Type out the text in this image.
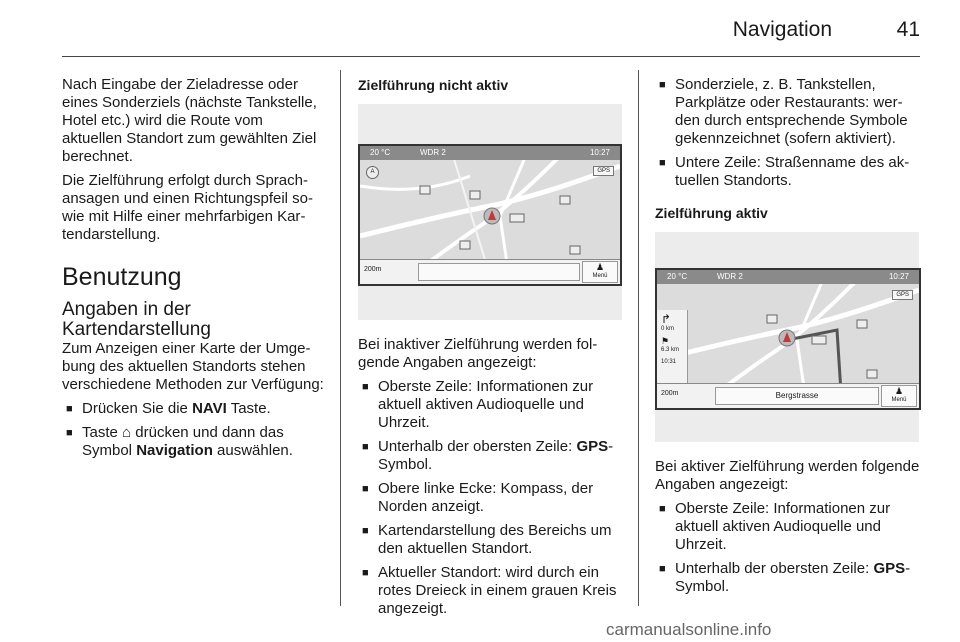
Navigation	41

Nach Eingabe der Zieladresse oder eines Sonderziels (nächste Tankstelle, Hotel etc.) wird die Route vom aktuellen Standort zum gewählten Ziel berechnet.

Die Zielführung erfolgt durch Sprachansagen und einen Richtungspfeil sowie mit Hilfe einer mehrfarbigen Kartendarstellung.

Benutzung
Angaben in der Kartendarstellung

Zum Anzeigen einer Karte der Umgebung des aktuellen Standorts stehen verschiedene Methoden zur Verfügung:

■ Drücken Sie die NAVI Taste.
■ Taste ⌂ drücken und dann das Symbol Navigation auswählen.
Zielführung nicht aktiv
20 °C	WDR 2	10:27
A	GPS
200m	♟
Menü

Bei inaktiver Zielführung werden folgende Angaben angezeigt:

■ Oberste Zeile: Informationen zur aktuell aktiven Audioquelle und Uhrzeit.
■ Unterhalb der obersten Zeile: GPS-Symbol.
■ Obere linke Ecke: Kompass, der Norden anzeigt.
■ Kartendarstellung des Bereichs um den aktuellen Standort.
■ Aktueller Standort: wird durch ein rotes Dreieck in einem grauen Kreis angezeigt.
■ Sonderziele, z. B. Tankstellen, Parkplätze oder Restaurants: werden durch entsprechende Symbole gekennzeichnet (sofern aktiviert).
■ Untere Zeile: Straßenname des aktuellen Standorts.
Zielführung aktiv
20 °C	WDR 2	10:27
GPS
↱
0 km
⚑
6.3 km
10:31
200m	Bergstrasse	♟
Menü

Bei aktiver Zielführung werden folgende Angaben angezeigt:

■ Oberste Zeile: Informationen zur aktuell aktiven Audioquelle und Uhrzeit.
■ Unterhalb der obersten Zeile: GPS-Symbol.
carmanualsonline.info
